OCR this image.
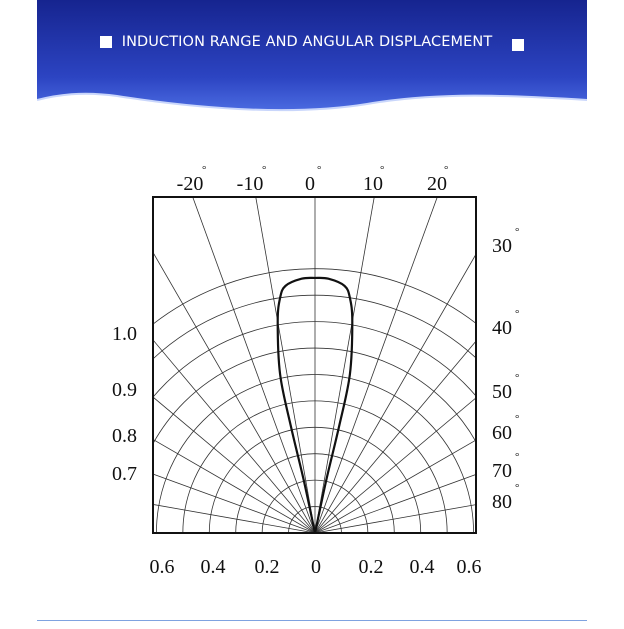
INDUCTION RANGE AND ANGULAR DISPLACEMENT
-20
°
-10
°
0
°
10
°
20
°
30
°
40
°
50
°
60
°
70
°
80
°
1.0
0.9
0.8
0.7
0.6 0.4 0.2 0 0.2 0.4 0.6
